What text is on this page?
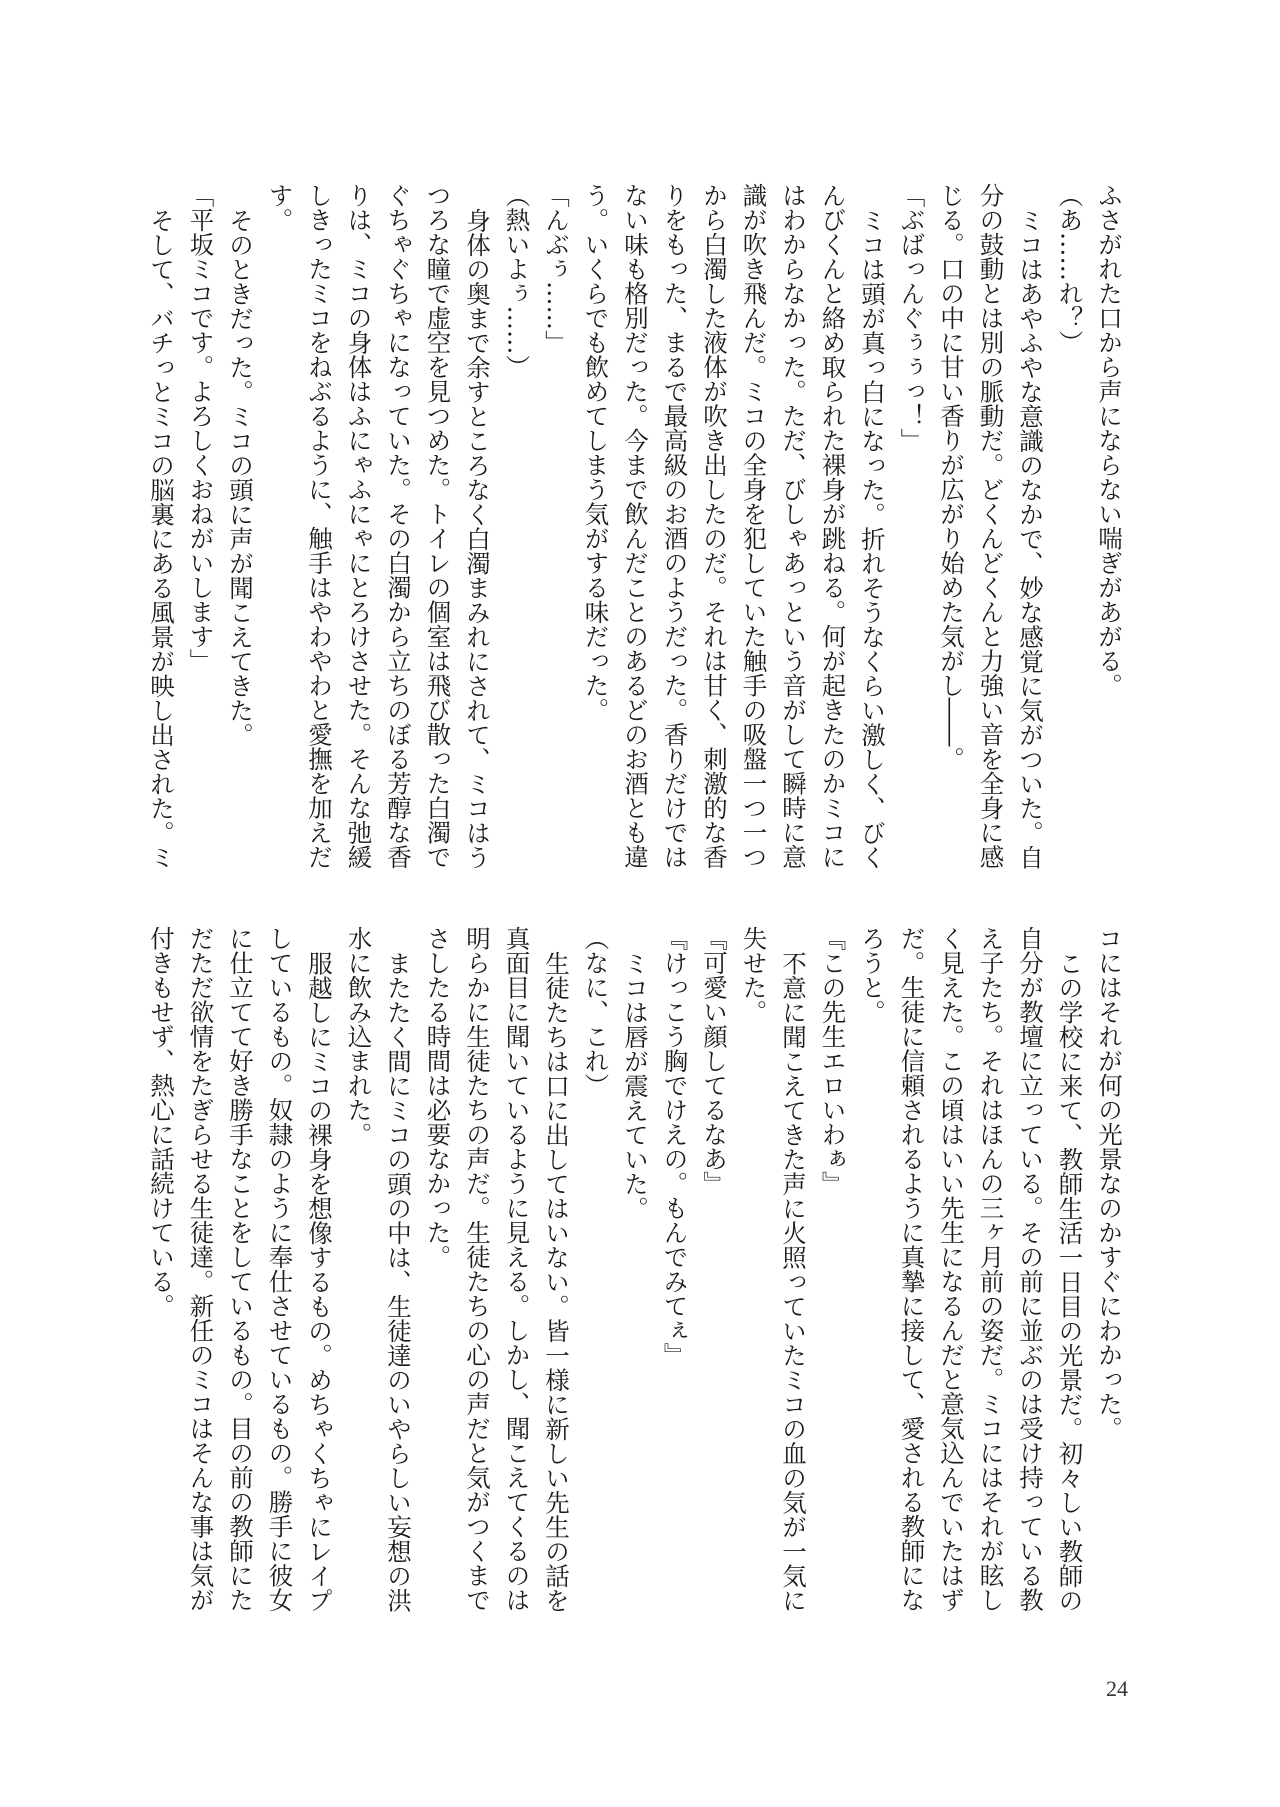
ふさがれた口から声にならない喘ぎがあがる。
（あ……れ？）
ミコはあやふやな意識のなかで、妙な感覚に気がついた。自
分の鼓動とは別の脈動だ。どくんどくんと力強い音を全身に感
じる。口の中に甘い香りが広がり始めた気がし――。
「ぶばっんぐぅぅっ！」
ミコは頭が真っ白になった。折れそうなくらい激しく、びく
んびくんと絡め取られた裸身が跳ねる。何が起きたのかミコに
はわからなかった。ただ、びしゃあっという音がして瞬時に意
識が吹き飛んだ。ミコの全身を犯していた触手の吸盤一つ一つ
から白濁した液体が吹き出したのだ。それは甘く、刺激的な香
りをもった、まるで最高級のお酒のようだった。香りだけでは
ない味も格別だった。今まで飲んだことのあるどのお酒とも違
う。いくらでも飲めてしまう気がする味だった。
「んぶぅ……」
（熱いよぅ……）
身体の奥まで余すところなく白濁まみれにされて、ミコはう
つろな瞳で虚空を見つめた。トイレの個室は飛び散った白濁で
ぐちゃぐちゃになっていた。その白濁から立ちのぼる芳醇な香
りは、ミコの身体はふにゃふにゃにとろけさせた。そんな弛緩
しきったミコをねぶるように、触手はやわやわと愛撫を加えだ
す。
そのときだった。ミコの頭に声が聞こえてきた。
「平坂ミコです。よろしくおねがいします」
そして、バチっとミコの脳裏にある風景が映し出された。ミ
コにはそれが何の光景なのかすぐにわかった。
この学校に来て、教師生活一日目の光景だ。初々しい教師の
自分が教壇に立っている。その前に並ぶのは受け持っている教
え子たち。それはほんの三ヶ月前の姿だ。ミコにはそれが眩し
く見えた。この頃はいい先生になるんだと意気込んでいたはず
だ。生徒に信頼されるように真摯に接して、愛される教師にな
ろうと。
『この先生エロいわぁ』
不意に聞こえてきた声に火照っていたミコの血の気が一気に
失せた。
『可愛い顔してるなあ』
『けっこう胸でけえの。もんでみてぇ』
ミコは唇が震えていた。
（なに、これ）
生徒たちは口に出してはいない。皆一様に新しい先生の話を
真面目に聞いているように見える。しかし、聞こえてくるのは
明らかに生徒たちの声だ。生徒たちの心の声だと気がつくまで
さしたる時間は必要なかった。
またたく間にミコの頭の中は、生徒達のいやらしい妄想の洪
水に飲み込まれた。
服越しにミコの裸身を想像するもの。めちゃくちゃにレイプ
しているもの。奴隷のように奉仕させているもの。勝手に彼女
に仕立てて好き勝手なことをしているもの。目の前の教師にた
だただ欲情をたぎらせる生徒達。新任のミコはそんな事は気が
付きもせず、熱心に話続けている。
24
